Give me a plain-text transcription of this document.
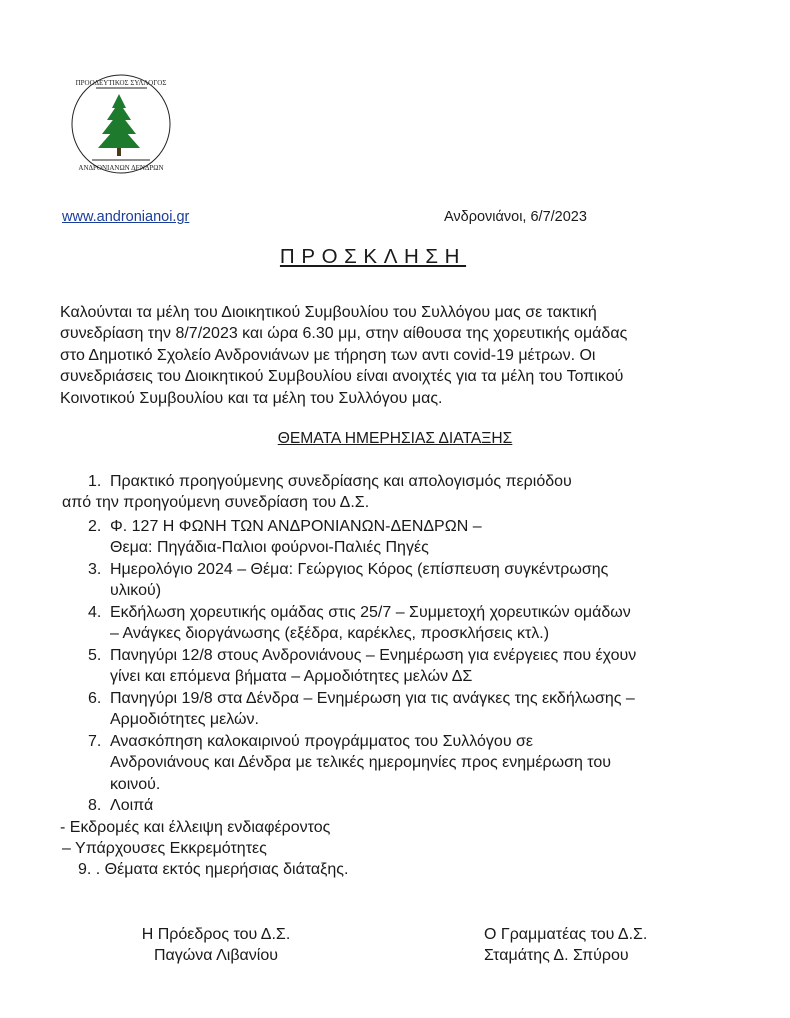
ΠΡΟΟΔΕΥΤΙΚΟΣ ΣΥΛΛΟΓΟΣ
ΑΝΔΡΟΝΙΑΝΩΝ ΔΕΝΔΡΩΝ
www.andronianoi.gr	Ανδρονιάνοι, 6/7/2023
ΠΡΟΣΚΛΗΣΗ
Καλούνται τα μέλη του Διοικητικού Συμβουλίου του Συλλόγου μας σε τακτική
συνεδρίαση την 8/7/2023 και ώρα 6.30 μμ, στην αίθουσα της χορευτικής ομάδας
στο Δημοτικό Σχολείο Ανδρονιάνων με τήρηση των αντι covid-19 μέτρων. Οι
συνεδριάσεις του Διοικητικού Συμβουλίου είναι ανοιχτές για τα μέλη του Τοπικού
Κοινοτικού Συμβουλίου και τα μέλη του Συλλόγου μας.
ΘΕΜΑΤΑ ΗΜΕΡΗΣΙΑΣ ΔΙΑΤΑΞΗΣ
1. Πρακτικό προηγούμενης συνεδρίασης και απολογισμός περιόδου
από την προηγούμενη συνεδρίαση του Δ.Σ.
2. Φ. 127 Η ΦΩΝΗ ΤΩΝ ΑΝΔΡΟΝΙΑΝΩΝ-ΔΕΝΔΡΩΝ –
Θεμα: Πηγάδια-Παλιοι φούρνοι-Παλιές Πηγές
3. Ημερολόγιο 2024 – Θέμα: Γεώργιος Κόρος (επίσπευση συγκέντρωσης
υλικού)
4. Εκδήλωση χορευτικής ομάδας στις 25/7 – Συμμετοχή χορευτικών ομάδων
– Ανάγκες διοργάνωσης (εξέδρα, καρέκλες, προσκλήσεις κτλ.)
5. Πανηγύρι 12/8 στους Ανδρονιάνους – Ενημέρωση για ενέργειες που έχουν
γίνει και επόμενα βήματα – Αρμοδιότητες μελών ΔΣ
6. Πανηγύρι 19/8 στα Δένδρα – Ενημέρωση για τις ανάγκες της εκδήλωσης –
Αρμοδιότητες μελών.
7. Ανασκόπηση καλοκαιρινού προγράμματος του Συλλόγου σε
Ανδρονιάνους και Δένδρα με τελικές ημερομηνίες προς ενημέρωση του
κοινού.
8. Λοιπά
- Εκδρομές και έλλειψη ενδιαφέροντος
– Υπάρχουσες Εκκρεμότητες
9. . Θέματα εκτός ημερήσιας διάταξης.
Η Πρόεδρος του Δ.Σ.
Παγώνα Λιβανίου
Ο Γραμματέας του Δ.Σ.
Σταμάτης Δ. Σπύρου
